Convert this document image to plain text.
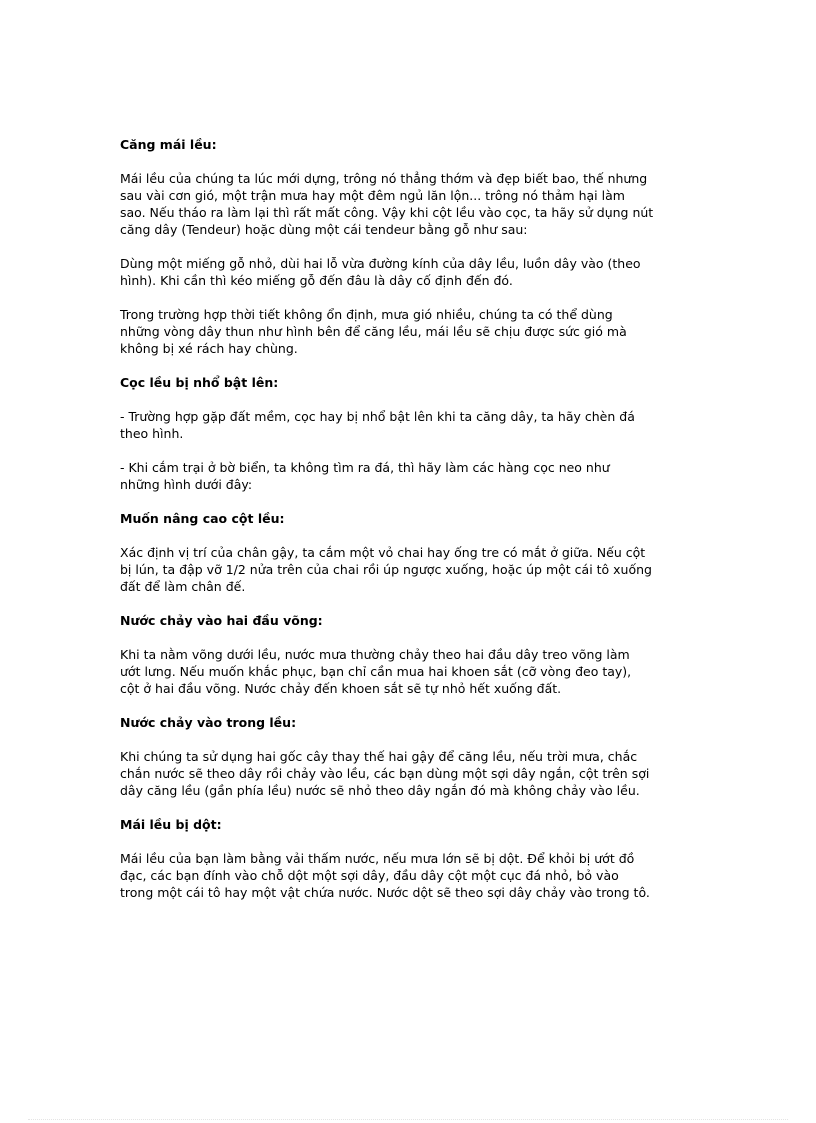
Căng mái lều:

Mái lều của chúng ta lúc mới dựng, trông nó thẳng thớm và đẹp biết bao, thế nhưng
sau vài cơn gió, một trận mưa hay một đêm ngủ lăn lộn... trông nó thảm hại làm
sao. Nếu tháo ra làm lại thì rất mất công. Vậy khi cột lều vào cọc, ta hãy sử dụng nút
căng dây (Tendeur) hoặc dùng một cái tendeur bằng gỗ như sau:

Dùng một miếng gỗ nhỏ, dùi hai lỗ vừa đường kính của dây lều, luồn dây vào (theo
hình). Khi cần thì kéo miếng gỗ đến đâu là dây cố định đến đó.

Trong trường hợp thời tiết không ổn định, mưa gió nhiều, chúng ta có thể dùng
những vòng dây thun như hình bên để căng lều, mái lều sẽ chịu được sức gió mà
không bị xé rách hay chùng.

Cọc lều bị nhổ bật lên:

- Trường hợp gặp đất mềm, cọc hay bị nhổ bật lên khi ta căng dây, ta hãy chèn đá
theo hình.

- Khi cắm trại ở bờ biển, ta không tìm ra đá, thì hãy làm các hàng cọc neo như
những hình dưới đây:

Muốn nâng cao cột lều:

Xác định vị trí của chân gậy, ta cắm một vỏ chai hay ống tre có mắt ở giữa. Nếu cột
bị lún, ta đập vỡ 1/2 nửa trên của chai rồi úp ngược xuống, hoặc úp một cái tô xuống
đất để làm chân đế.

Nước chảy vào hai đầu võng:

Khi ta nằm võng dưới lều, nước mưa thường chảy theo hai đầu dây treo võng làm
ướt lưng. Nếu muốn khắc phục, bạn chỉ cần mua hai khoen sắt (cỡ vòng đeo tay),
cột ở hai đầu võng. Nước chảy đến khoen sắt sẽ tự nhỏ hết xuống đất.

Nước chảy vào trong lều:

Khi chúng ta sử dụng hai gốc cây thay thế hai gậy để căng lều, nếu trời mưa, chắc
chắn nước sẽ theo dây rồi chảy vào lều, các bạn dùng một sợi dây ngắn, cột trên sợi
dây căng lều (gần phía lều) nước sẽ nhỏ theo dây ngắn đó mà không chảy vào lều.

Mái lều bị dột:

Mái lều của bạn làm bằng vải thấm nước, nếu mưa lớn sẽ bị dột. Để khỏi bị ướt đồ
đạc, các bạn đính vào chỗ dột một sợi dây, đầu dây cột một cục đá nhỏ, bỏ vào
trong một cái tô hay một vật chứa nước. Nước dột sẽ theo sợi dây chảy vào trong tô.
